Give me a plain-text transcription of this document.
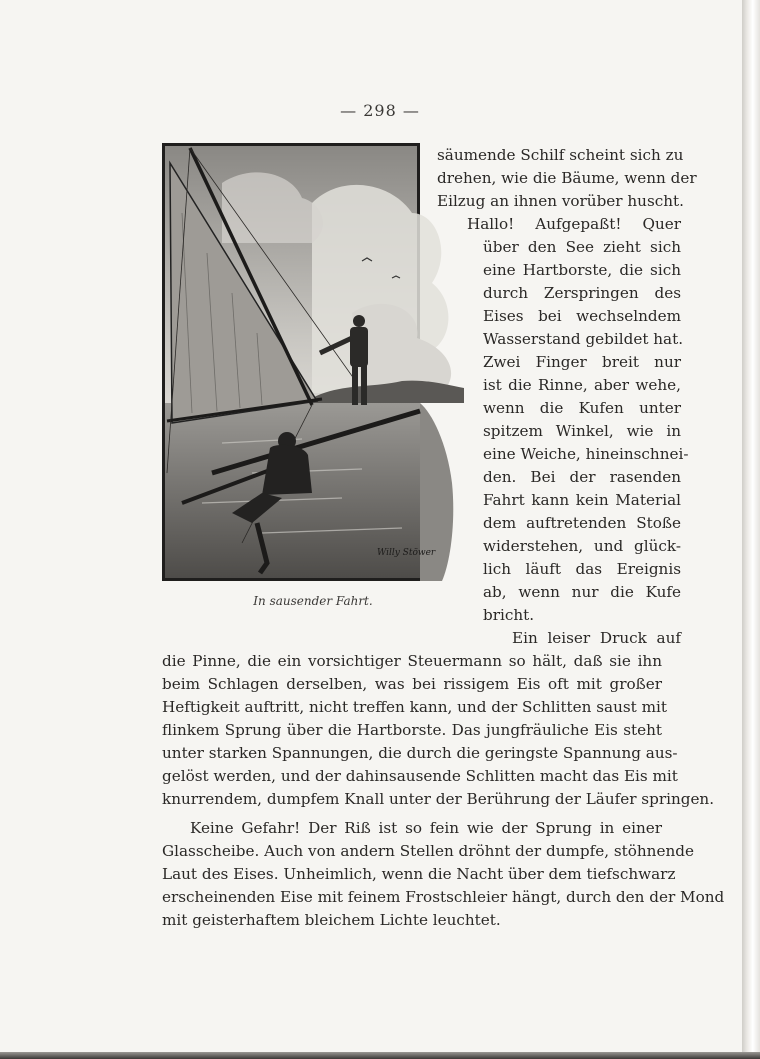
— 298 —
Willy Stöwer
In sausender Fahrt.
säumende Schilf scheint sich zu
drehen, wie die Bäume, wenn der
Eilzug an ihnen vorüber huscht.
Hallo! Aufgepaßt! Quer
über den See zieht sich
eine Hartborste, die sich
durch Zerspringen des
Eises bei wechselndem
Wasserstand gebildet hat.
Zwei Finger breit nur
ist die Rinne, aber wehe,
wenn die Kufen unter
spitzem Winkel, wie in
eine Weiche, hineinschnei-
den. Bei der rasenden
Fahrt kann kein Material
dem auftretenden Stoße
widerstehen, und glück-
lich läuft das Ereignis
ab, wenn nur die Kufe
bricht.
Ein leiser Druck auf
die Pinne, die ein vorsichtiger Steuermann so hält, daß sie ihn
beim Schlagen derselben, was bei rissigem Eis oft mit großer
Heftigkeit auftritt, nicht treffen kann, und der Schlitten saust mit
flinkem Sprung über die Hartborste. Das jungfräuliche Eis steht
unter starken Spannungen, die durch die geringste Spannung aus-
gelöst werden, und der dahinsausende Schlitten macht das Eis mit
knurrendem, dumpfem Knall unter der Berührung der Läufer springen.
Keine Gefahr! Der Riß ist so fein wie der Sprung in einer
Glasscheibe. Auch von andern Stellen dröhnt der dumpfe, stöhnende
Laut des Eises. Unheimlich, wenn die Nacht über dem tiefschwarz
erscheinenden Eise mit feinem Frostschleier hängt, durch den der Mond
mit geisterhaftem bleichem Lichte leuchtet.
